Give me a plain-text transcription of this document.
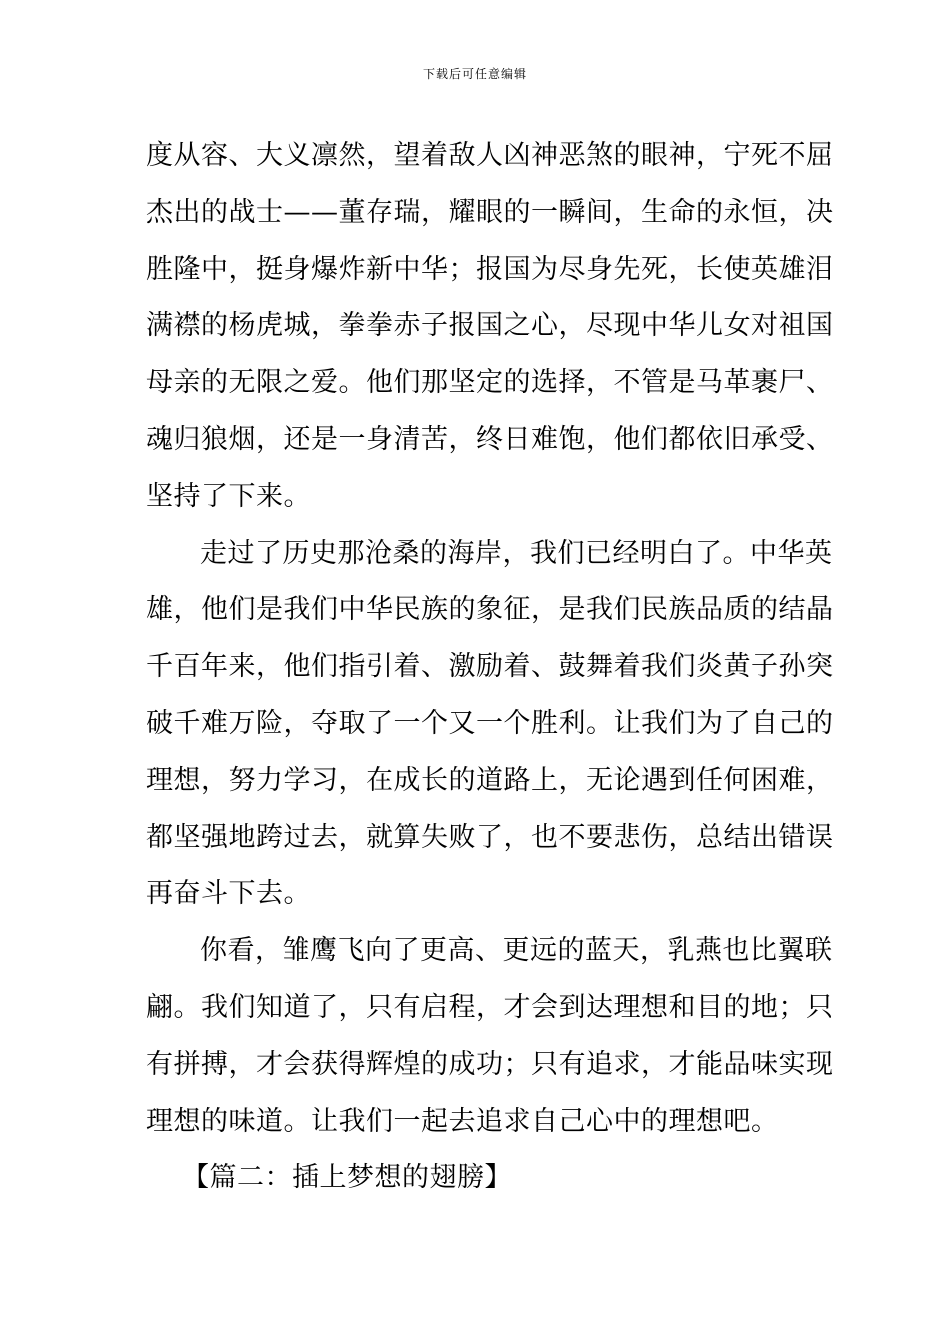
下载后可任意编辑
度从容、大义凛然，望着敌人凶神恶煞的眼神，宁死不屈
杰出的战士——董存瑞，耀眼的一瞬间，生命的永恒，决
胜隆中，挺身爆炸新中华；报国为尽身先死，长使英雄泪
满襟的杨虎城，拳拳赤子报国之心，尽现中华儿女对祖国
母亲的无限之爱。他们那坚定的选择，不管是马革裹尸、
魂归狼烟，还是一身清苦，终日难饱，他们都依旧承受、
坚持了下来。
走过了历史那沧桑的海岸，我们已经明白了。中华英
雄，他们是我们中华民族的象征，是我们民族品质的结晶
千百年来，他们指引着、激励着、鼓舞着我们炎黄子孙突
破千难万险，夺取了一个又一个胜利。让我们为了自己的
理想，努力学习，在成长的道路上，无论遇到任何困难，
都坚强地跨过去，就算失败了，也不要悲伤，总结出错误
再奋斗下去。
你看，雏鹰飞向了更高、更远的蓝天，乳燕也比翼联
翩。我们知道了，只有启程，才会到达理想和目的地；只
有拼搏，才会获得辉煌的成功；只有追求，才能品味实现
理想的味道。让我们一起去追求自己心中的理想吧。
【篇二：插上梦想的翅膀】
